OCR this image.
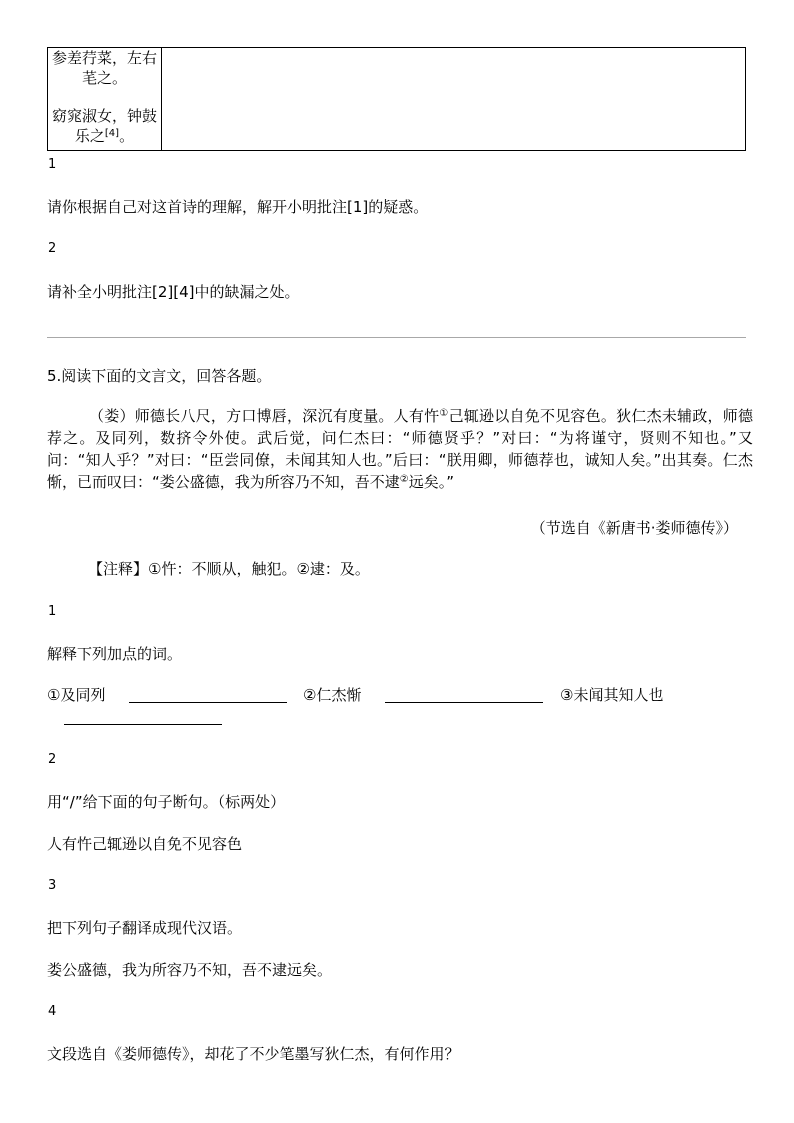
参差荇菜，左右
芼之。
窈窕淑女，钟鼓
乐之[4]。

1
请你根据自己对这首诗的理解，解开小明批注[1]的疑惑。
2
请补全小明批注[2][4]中的缺漏之处。
5.阅读下面的文言文，回答各题。
（娄）师德长八尺，方口博唇，深沉有度量。人有忤①己辄逊以自免不见容色。狄仁杰未辅政，师德荐之。及同列，数挤令外使。武后觉，问仁杰曰：“师德贤乎？”对曰：“为将谨守，贤则不知也。”又问：“知人乎？”对曰：“臣尝同僚，未闻其知人也。”后曰：“朕用卿，师德荐也，诚知人矣。”出其奏。仁杰惭，已而叹曰：“娄公盛德，我为所容乃不知，吾不逮②远矣。”
（节选自《新唐书·娄师德传》）
【注释】①忤：不顺从，触犯。②逮：及。
1
解释下列加点的词。
①及同列	②仁杰惭	③未闻其知人也
2
用“/”给下面的句子断句。（标两处）
人有忤己辄逊以自免不见容色
3
把下列句子翻译成现代汉语。
娄公盛德，我为所容乃不知，吾不逮远矣。
4
文段选自《娄师德传》，却花了不少笔墨写狄仁杰，有何作用？
